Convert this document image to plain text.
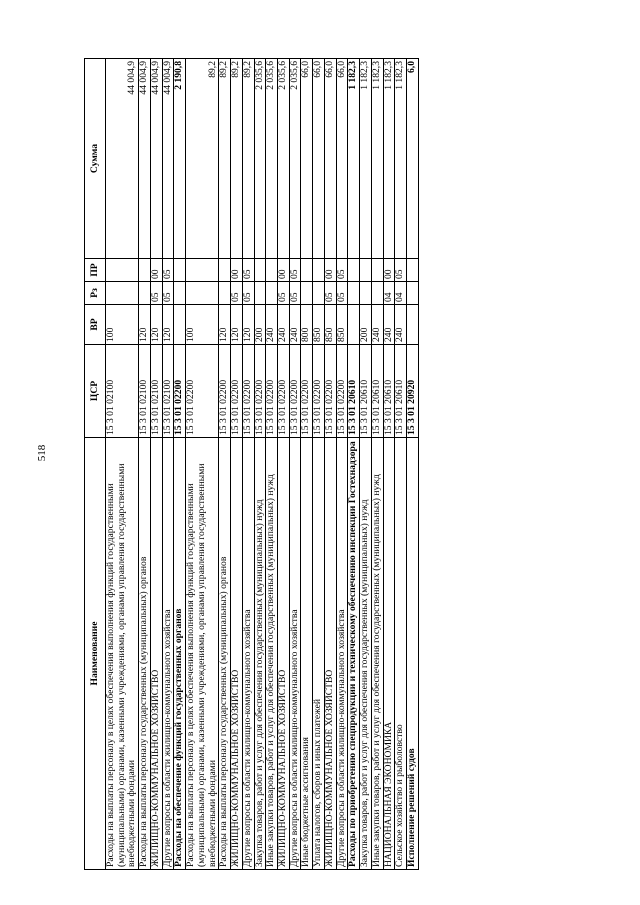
518
Наименование	ЦСР	ВР	Рз	ПР	Сумма
Расходы на выплаты персоналу в целях обеспечения выполнения функций государственными (муниципальными) органами, казенными учреждениями, органами управления государственными внебюджетными фондами	15 3 01 02100	100			44 004,9
Расходы на выплаты персоналу государственных (муниципальных) органов	15 3 01 02100	120			44 004,9
ЖИЛИЩНО-КОММУНАЛЬНОЕ ХОЗЯЙСТВО	15 3 01 02100	120	05	00	44 004,9
Другие вопросы в области жилищно-коммунального хозяйства	15 3 01 02100	120	05	05	44 004,9
Расходы на обеспечение функций государственных органов	15 3 01 02200				2 190,8
Расходы на выплаты персоналу в целях обеспечения выполнения функций государственными (муниципальными) органами, казенными учреждениями, органами управления государственными внебюджетными фондами	15 3 01 02200	100			89,2
Расходы на выплаты персоналу государственных (муниципальных) органов	15 3 01 02200	120			89,2
ЖИЛИЩНО-КОММУНАЛЬНОЕ ХОЗЯЙСТВО	15 3 01 02200	120	05	00	89,2
Другие вопросы в области жилищно-коммунального хозяйства	15 3 01 02200	120	05	05	89,2
Закупка товаров, работ и услуг для обеспечения государственных (муниципальных) нужд	15 3 01 02200	200			2 035,6
Иные закупки товаров, работ и услуг для обеспечения государственных (муниципальных) нужд	15 3 01 02200	240			2 035,6
ЖИЛИЩНО-КОММУНАЛЬНОЕ ХОЗЯЙСТВО	15 3 01 02200	240	05	00	2 035,6
Другие вопросы в области жилищно-коммунального хозяйства	15 3 01 02200	240	05	05	2 035,6
Иные бюджетные ассигнования	15 3 01 02200	800			66,0
Уплата налогов, сборов и иных платежей	15 3 01 02200	850			66,0
ЖИЛИЩНО-КОММУНАЛЬНОЕ ХОЗЯЙСТВО	15 3 01 02200	850	05	00	66,0
Другие вопросы в области жилищно-коммунального хозяйства	15 3 01 02200	850	05	05	66,0
Расходы по приобретению спецпродукции и техническому обеспечению инспекции Гостехнадзора	15 3 01 20610				1 182,3
Закупка товаров, работ и услуг для обеспечения государственных (муниципальных) нужд	15 3 01 20610	200			1 182,3
Иные закупки товаров, работ и услуг для обеспечения государственных (муниципальных) нужд	15 3 01 20610	240			1 182,3
НАЦИОНАЛЬНАЯ ЭКОНОМИКА	15 3 01 20610	240	04	00	1 182,3
Сельское хозяйство и рыболовство	15 3 01 20610	240	04	05	1 182,3
Исполнение решений судов	15 3 01 20920				6,0
